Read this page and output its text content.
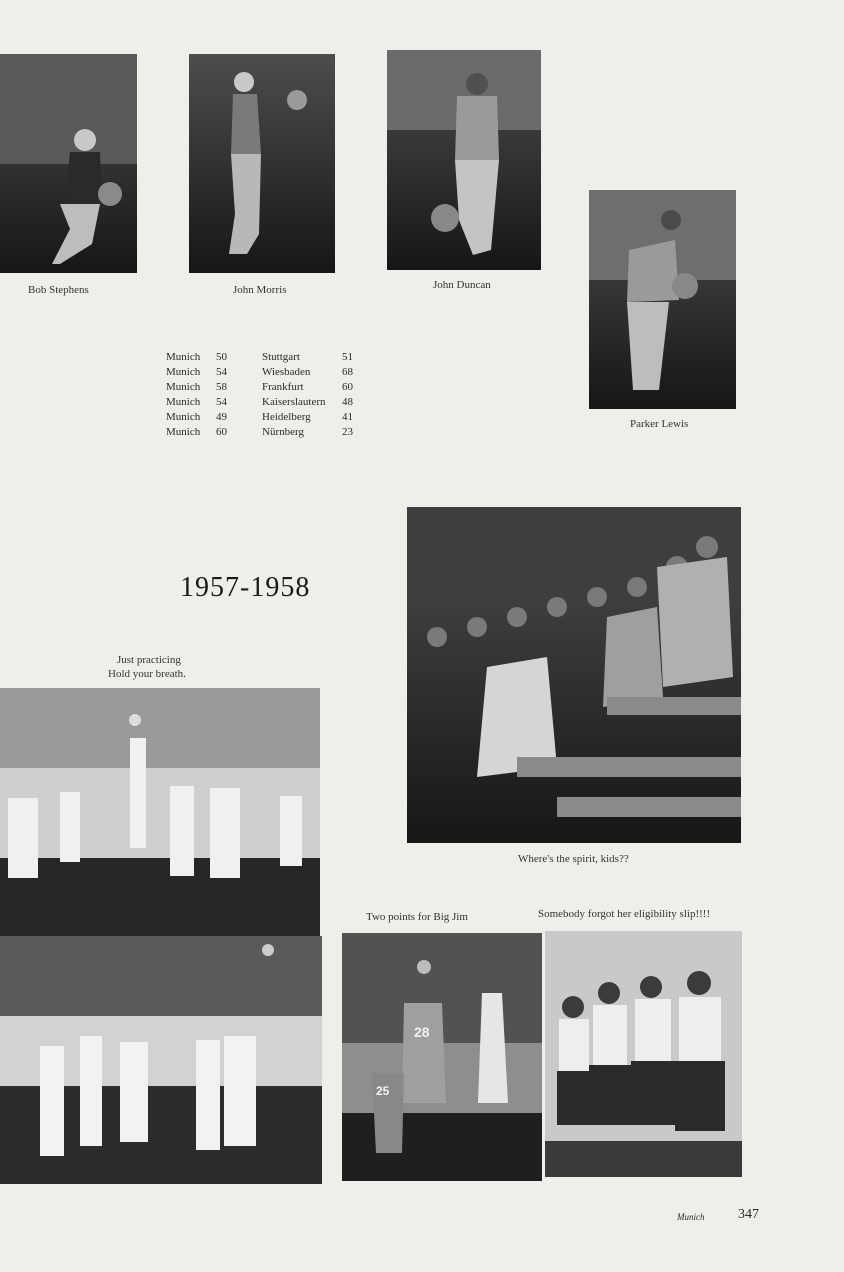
Bob Stephens	John Morris	John Duncan
Parker Lewis
Munich	50	Stuttgart	51
Munich	54	Wiesbaden	68
Munich	58	Frankfurt	60
Munich	54	Kaiserslautern	48
Munich	49	Heidelberg	41
Munich	60	Nürnberg	23
1957-1958
Where's the spirit, kids??
Just practicing
Hold your breath.
Two points for Big Jim	Somebody forgot her eligibility slip!!!!
28
25
Munich 347
